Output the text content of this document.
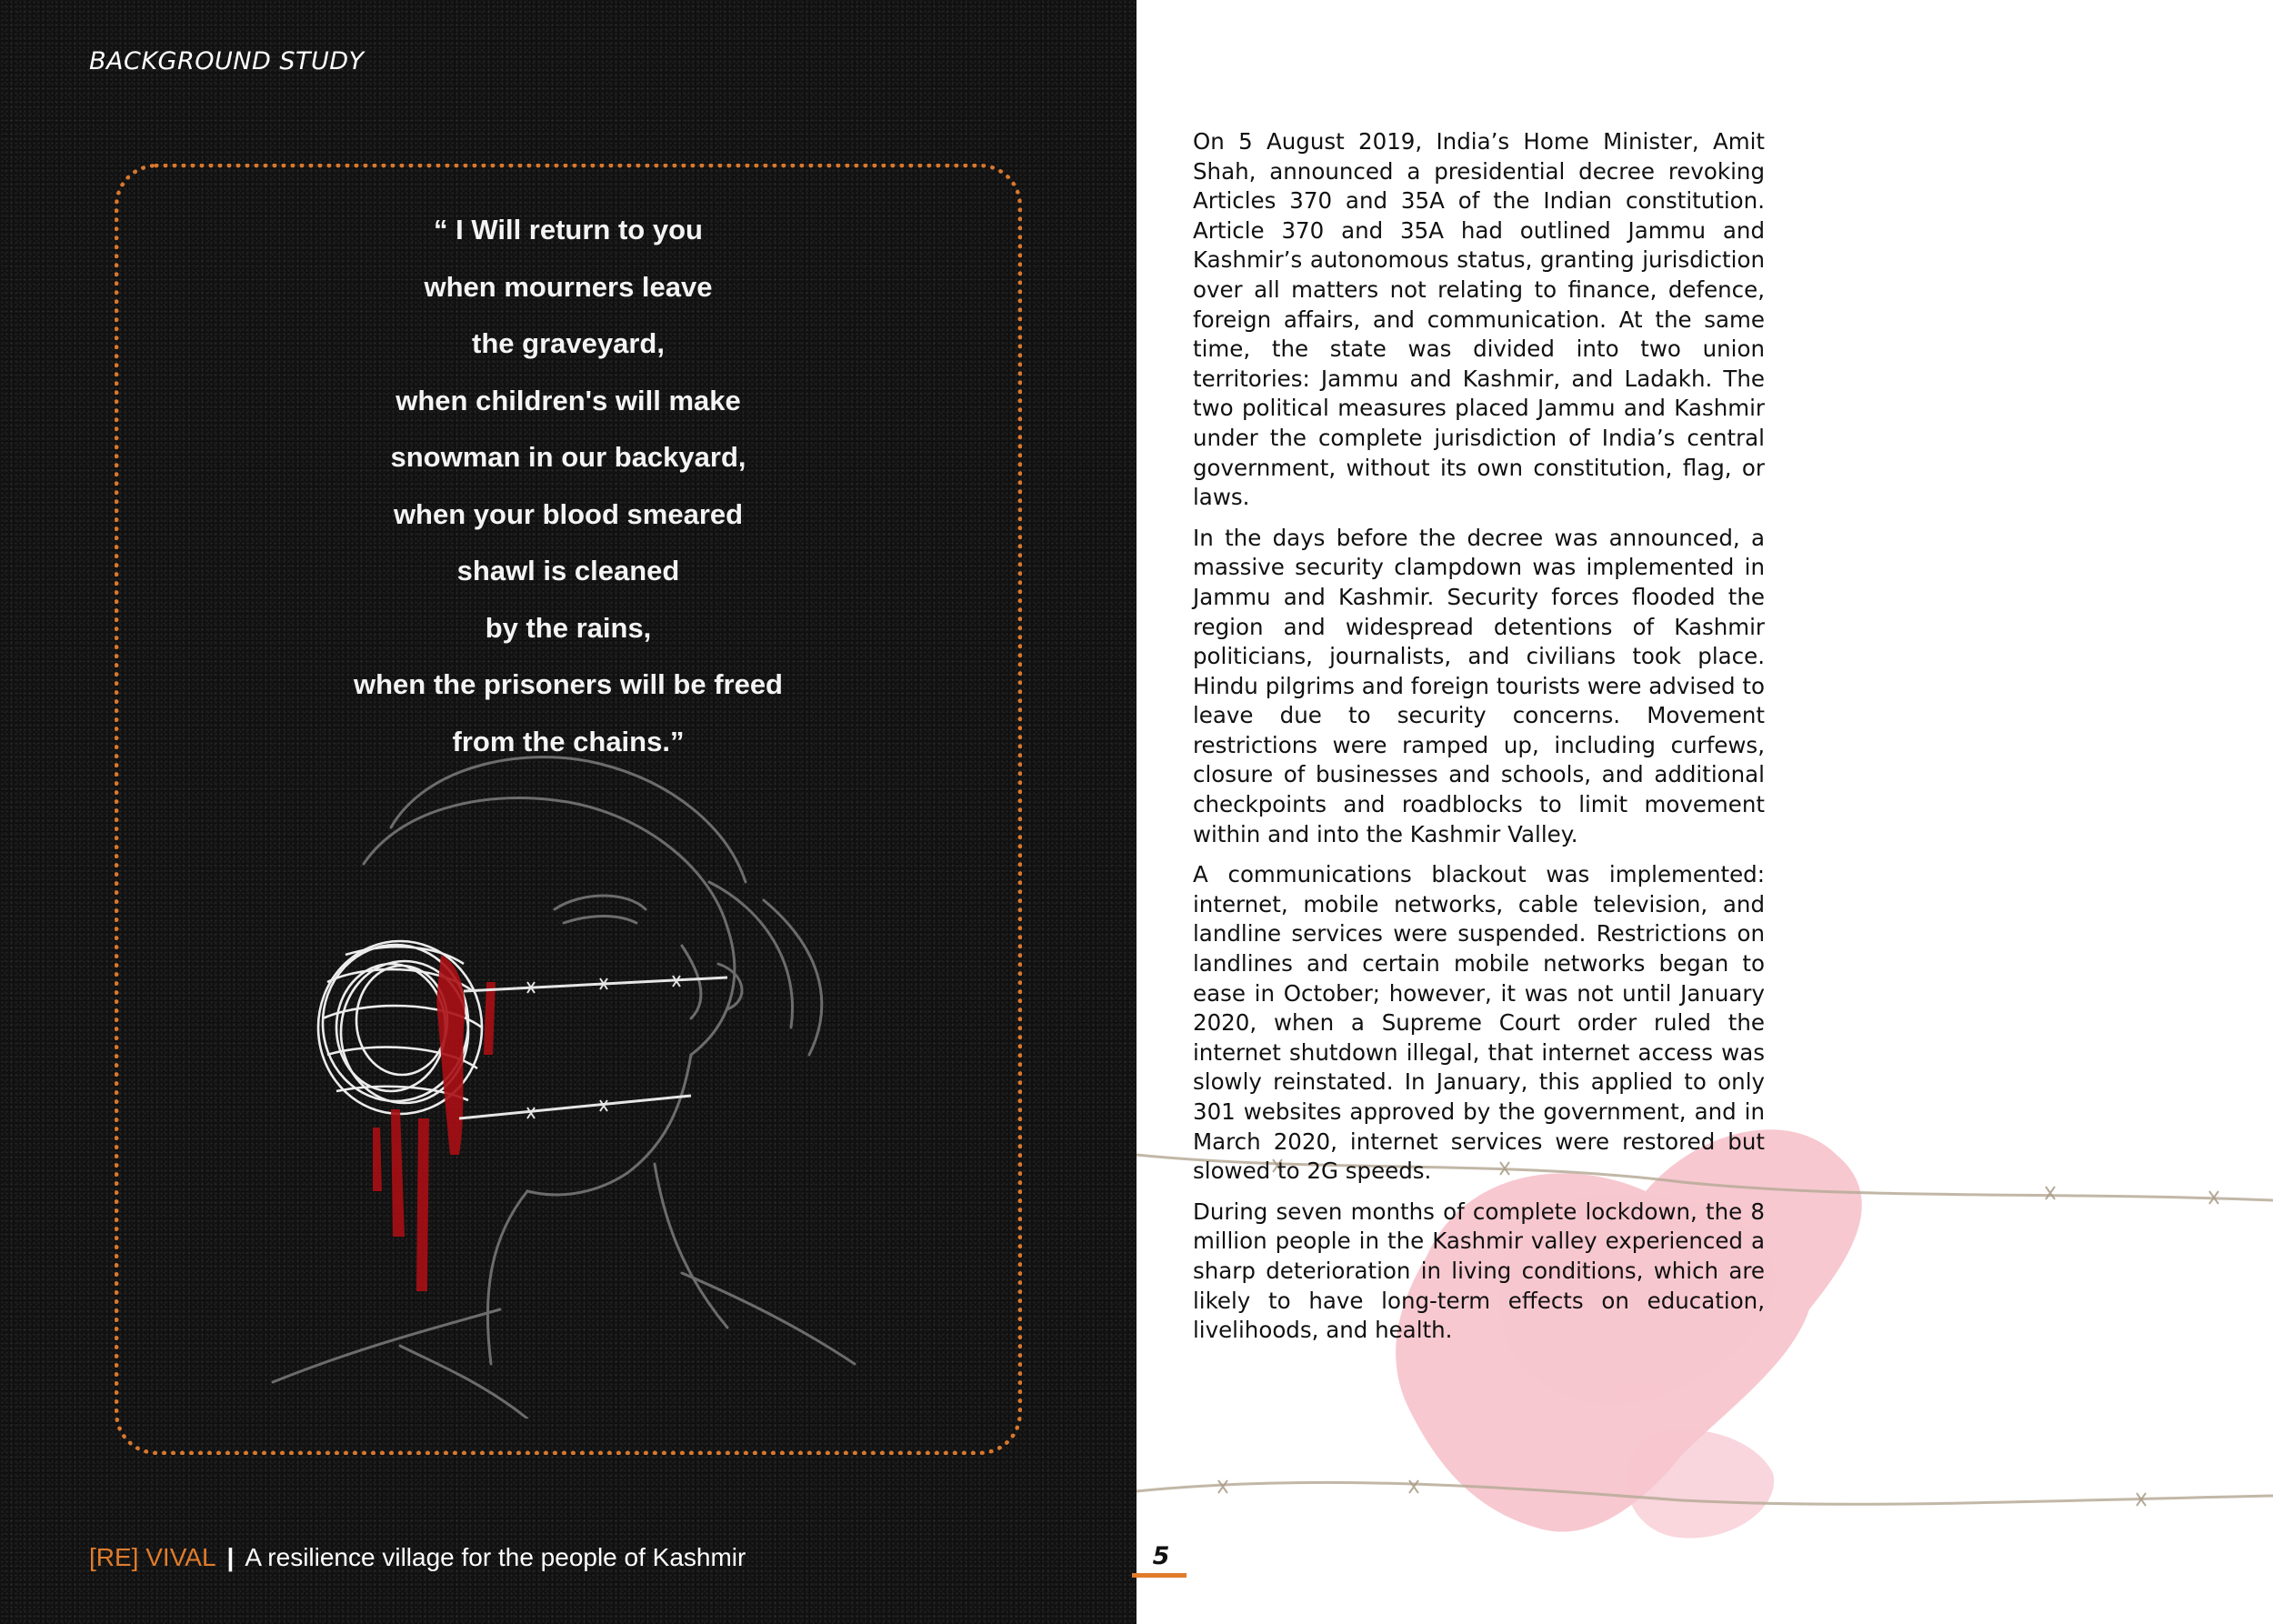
BACKGROUND STUDY
“ I Will return to you
when mourners leave
the graveyard,
when children's will make
snowman in our backyard,
when your blood smeared
shawl is cleaned
by the rains,
when the prisoners will be freed
from the chains.”
[RE] VIVAL | A resilience village for the people of Kashmir

On 5 August 2019, India’s Home Minister, Amit Shah, announced a presidential decree revoking Articles 370 and 35A of the Indian constitution. Article 370 and 35A had outlined Jammu and Kashmir’s autonomous status, granting jurisdiction over all matters not relating to finance, defence, foreign affairs, and communication. At the same time, the state was divided into two union territories: Jammu and Kashmir, and Ladakh. The two political measures placed Jammu and Kashmir under the complete jurisdiction of India’s central government, without its own constitution, flag, or laws.

In the days before the decree was announced, a massive security clampdown was implemented in Jammu and Kashmir. Security forces flooded the region and widespread detentions of Kashmir politicians, journalists, and civilians took place. Hindu pilgrims and foreign tourists were advised to leave due to security concerns. Movement restrictions were ramped up, including curfews, closure of businesses and schools, and additional checkpoints and roadblocks to limit movement within and into the Kashmir Valley.

A communications blackout was implemented: internet, mobile networks, cable television, and landline services were suspended. Restrictions on landlines and certain mobile networks began to ease in October; however, it was not until January 2020, when a Supreme Court order ruled the internet shutdown illegal, that internet access was slowly reinstated. In January, this applied to only 301 websites approved by the government, and in March 2020, internet services were restored but slowed to 2G speeds.

During seven months of complete lockdown, the 8 million people in the Kashmir valley experienced a sharp deterioration in living conditions, which are likely to have long-term effects on education, livelihoods, and health.

5
